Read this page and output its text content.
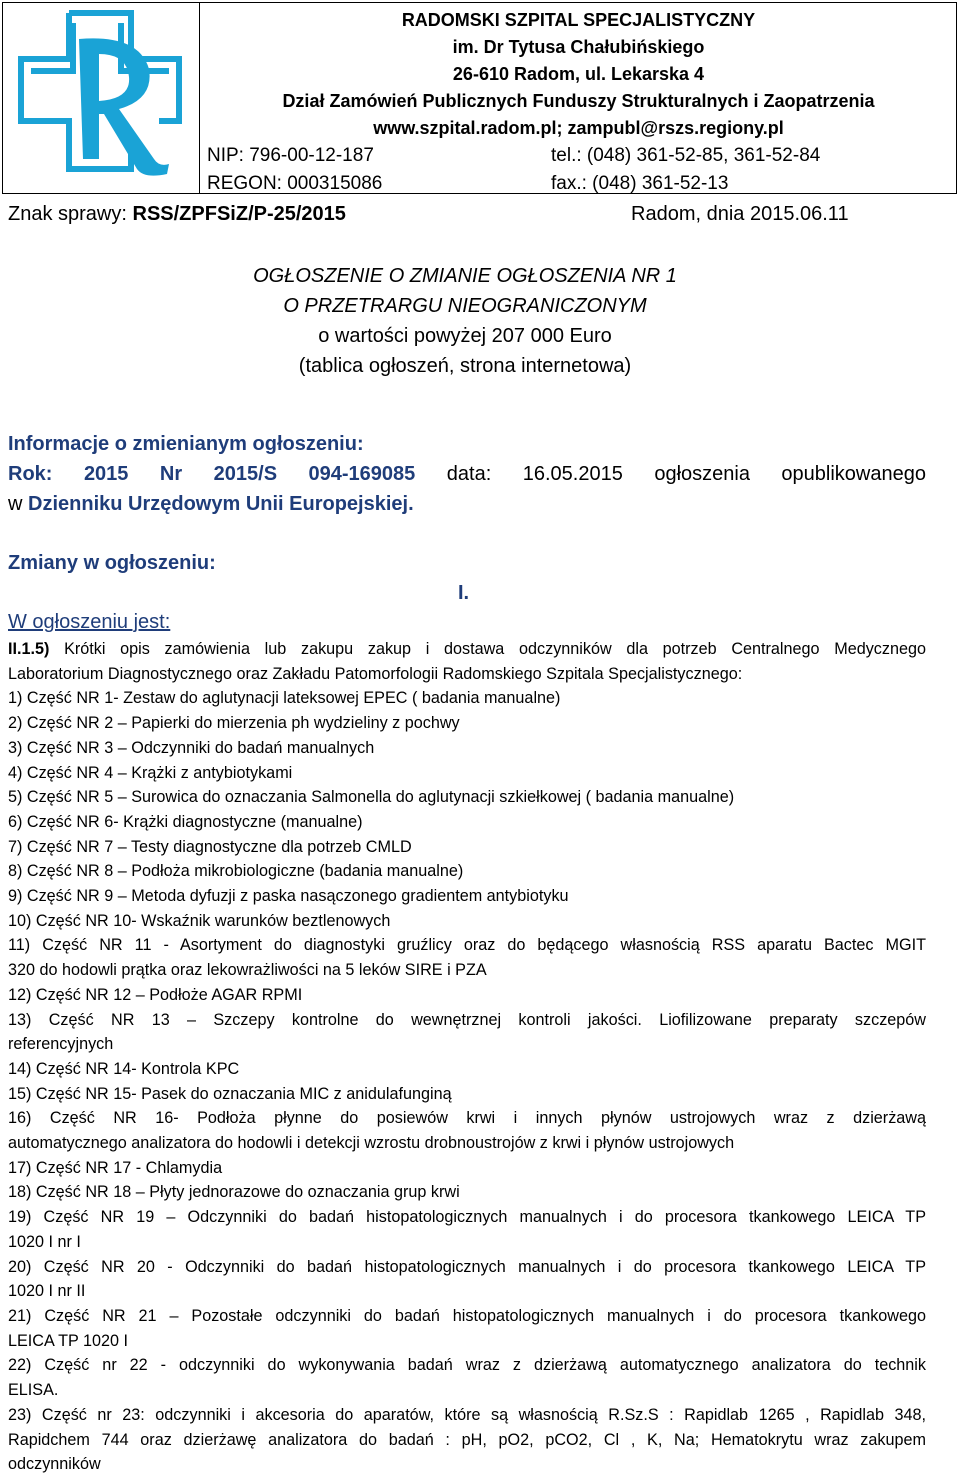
RADOMSKI SZPITAL SPECJALISTYCZNY
im. Dr Tytusa Chałubińskiego
26-610 Radom, ul. Lekarska 4
Dział Zamówień Publicznych Funduszy Strukturalnych i Zaopatrzenia
www.szpital.radom.pl; zampubl@rszs.regiony.pl
NIP: 796-00-12-187
REGON: 000315086
tel.: (048) 361-52-85, 361-52-84
fax.: (048) 361-52-13
Znak sprawy: RSS/ZPFSiZ/P-25/2015	Radom, dnia 2015.06.11
OGŁOSZENIE O ZMIANIE OGŁOSZENIA NR 1
O PRZETRARGU NIEOGRANICZONYM
o wartości powyżej 207 000 Euro
(tablica ogłoszeń, strona internetowa)
Informacje o zmienianym ogłoszeniu:
Rok: 2015 Nr 2015/S 094-169085 data: 16.05.2015 ogłoszenia opublikowanego
w Dzienniku Urzędowym Unii Europejskiej.
Zmiany w ogłoszeniu:
I.
W ogłoszeniu jest:

II.1.5) Krótki opis zamówienia lub zakupu zakup i dostawa odczynników dla potrzeb Centralnego Medycznego

Laboratorium Diagnostycznego oraz Zakładu Patomorfologii Radomskiego Szpitala Specjalistycznego:

1) Część NR 1- Zestaw do aglutynacji lateksowej EPEC ( badania manualne)

2) Część NR 2 – Papierki do mierzenia ph wydzieliny z pochwy

3) Część NR 3 – Odczynniki do badań manualnych

4) Część NR 4 – Krążki z antybiotykami

5) Część NR 5 – Surowica do oznaczania Salmonella do aglutynacji szkiełkowej ( badania manualne)

6) Część NR 6- Krążki diagnostyczne (manualne)

7) Część NR 7 – Testy diagnostyczne dla potrzeb CMLD

8) Część NR 8 – Podłoża mikrobiologiczne (badania manualne)

9) Część NR 9 – Metoda dyfuzji z paska nasączonego gradientem antybiotyku

10) Część NR 10- Wskaźnik warunków beztlenowych

11) Część NR 11 - Asortyment do diagnostyki gruźlicy oraz do będącego własnością RSS aparatu Bactec MGIT

320 do hodowli prątka oraz lekowrażliwości na 5 leków SIRE i PZA

12) Część NR 12 – Podłoże AGAR RPMI

13) Część NR 13 – Szczepy kontrolne do wewnętrznej kontroli jakości. Liofilizowane preparaty szczepów

referencyjnych

14) Część NR 14- Kontrola KPC

15) Część NR 15- Pasek do oznaczania MIC z anidulafunginą

16) Część NR 16- Podłoża płynne do posiewów krwi i innych płynów ustrojowych wraz z dzierżawą

automatycznego analizatora do hodowli i detekcji wzrostu drobnoustrojów z krwi i płynów ustrojowych

17) Część NR 17 - Chlamydia

18) Część NR 18 – Płyty jednorazowe do oznaczania grup krwi

19) Część NR 19 – Odczynniki do badań histopatologicznych manualnych i do procesora tkankowego LEICA TP

1020 I nr I

20) Część NR 20 - Odczynniki do badań histopatologicznych manualnych i do procesora tkankowego LEICA TP

1020 I nr II

21) Część NR 21 – Pozostałe odczynniki do badań histopatologicznych manualnych i do procesora tkankowego

LEICA TP 1020 I

22) Część nr 22 - odczynniki do wykonywania badań wraz z dzierżawą automatycznego analizatora do technik

ELISA.

23) Część nr 23: odczynniki i akcesoria do aparatów, które są własnością R.Sz.S : Rapidlab 1265 , Rapidlab 348,

Rapidchem 744 oraz dzierżawę analizatora do badań : pH, pO2, pCO2, Cl , K, Na; Hematokrytu wraz zakupem

odczynników
